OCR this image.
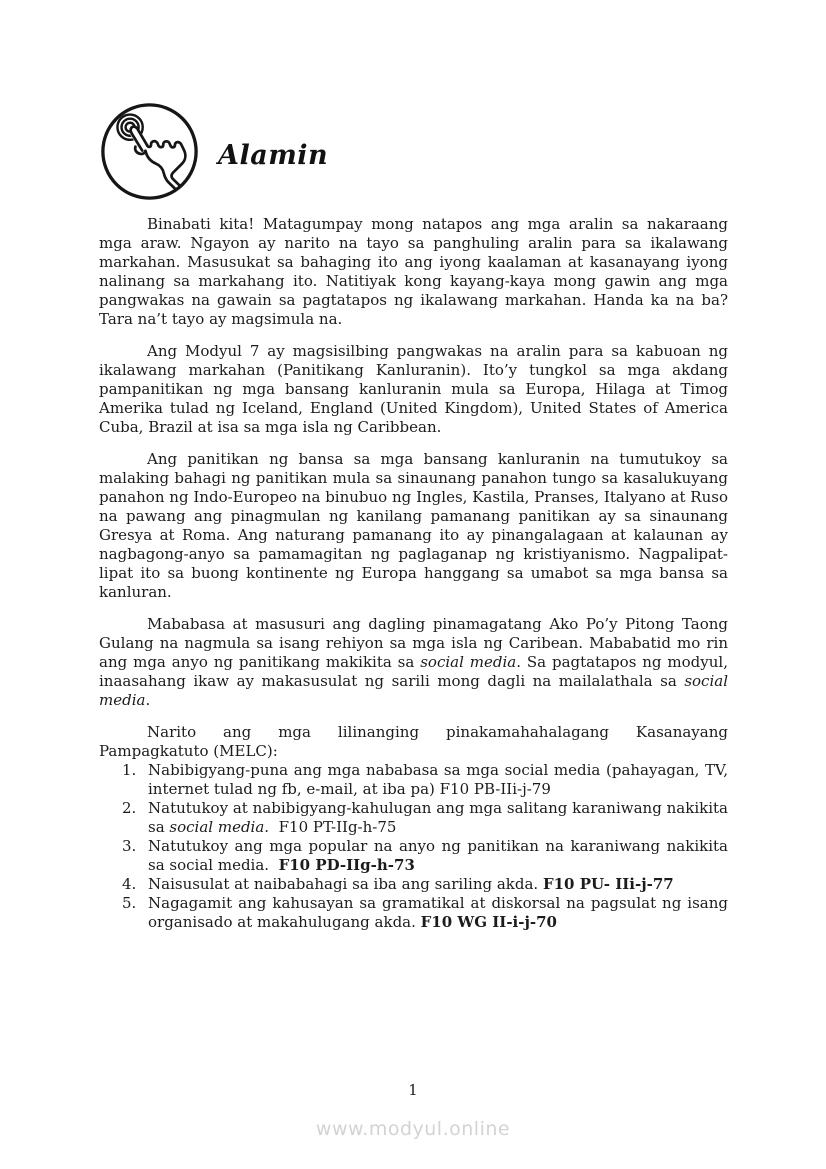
Alamin

Binabati kita! Matagumpay mong natapos ang mga aralin sa nakaraang mga araw. Ngayon ay narito na tayo sa panghuling aralin para sa ikalawang markahan. Masusukat sa bahaging ito ang iyong kaalaman at kasanayang iyong nalinang sa markahang ito. Natitiyak kong kayang-kaya mong gawin ang mga pangwakas na gawain sa pagtatapos ng ikalawang markahan. Handa ka na ba? Tara na’t tayo ay magsimula na.

Ang Modyul 7 ay magsisilbing pangwakas na aralin para sa kabuoan ng ikalawang markahan (Panitikang Kanluranin). Ito’y tungkol sa mga akdang pampanitikan ng mga bansang kanluranin mula sa Europa, Hilaga at Timog Amerika tulad ng Iceland, England (United Kingdom), United States of America Cuba, Brazil at isa sa mga isla ng Caribbean.

Ang panitikan ng bansa sa mga bansang kanluranin na tumutukoy sa malaking bahagi ng panitikan mula sa sinaunang panahon tungo sa kasalukuyang panahon ng Indo-Europeo na binubuo ng Ingles, Kastila, Pranses, Italyano at Ruso na pawang ang pinagmulan ng kanilang pamanang panitikan ay sa sinaunang Gresya at Roma. Ang naturang pamanang ito ay pinangalagaan at kalaunan ay nagbagong-anyo sa pamamagitan ng paglaganap ng kristiyanismo. Nagpalipat-lipat ito sa buong kontinente ng Europa hanggang sa umabot sa mga bansa sa kanluran.

Mababasa at masusuri ang dagling pinamagatang Ako Po’y Pitong Taong Gulang na nagmula sa isang rehiyon sa mga isla ng Caribean. Mababatid mo rin ang mga anyo ng panitikang makikita sa social media. Sa pagtatapos ng modyul, inaasahang ikaw ay makasusulat ng sarili mong dagli na mailalathala sa social media.

Narito ang mga lilinanging pinakamahahalagang Kasanayang Pampagkatuto (MELC):

1. Nabibigyang-puna ang mga nababasa sa mga social media (pahayagan, TV, internet tulad ng fb, e-mail, at iba pa) F10 PB-IIi-j-79
2. Natutukoy at nabibigyang-kahulugan ang mga salitang karaniwang nakikita sa social media.  F10 PT-IIg-h-75
3. Natutukoy ang mga popular na anyo ng panitikan na karaniwang nakikita sa social media.  F10 PD-IIg-h-73
4. Naisusulat at naibabahagi sa iba ang sariling akda. F10 PU- IIi-j-77
5. Nagagamit ang kahusayan sa gramatikal at diskorsal na pagsulat ng isang organisado at makahulugang akda. F10 WG II-i-j-70
1
www.modyul.online
